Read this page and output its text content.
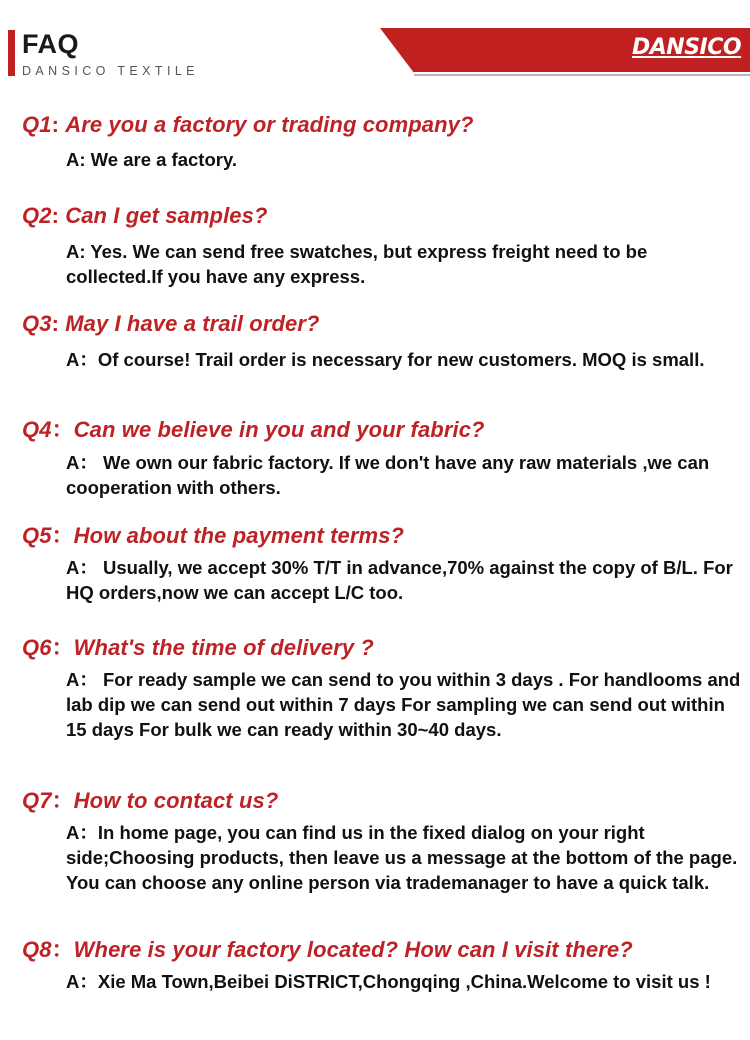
FAQ
DANSICO TEXTILE
DANSICO
Q1: Are you a factory or trading company?
A: We are a factory.
Q2: Can I get samples?
A: Yes. We can send free swatches, but express freight need to be collected.If you have any express.
Q3: May I have a trail order?
A：Of course! Trail order is necessary for new customers. MOQ is small.
Q4：Can we believe in you and your fabric?
A： We own our fabric factory. If we don't have any raw materials ,we can cooperation with others.
Q5：How about the payment terms?
A： Usually, we accept 30% T/T in advance,70% against the copy of B/L. For HQ orders,now we can accept L/C too.
Q6：What's the time of delivery ?
A： For ready sample we can send to you within 3 days . For handlooms and lab dip we can send out within 7 days For sampling we can send out within 15 days For bulk we can ready within 30~40 days.
Q7：How to contact us?
A：In home page, you can find us in the fixed dialog on your right side;Choosing products, then leave us a message at the bottom of the page. You can choose any online person via trademanager to have a quick talk.
Q8：Where is your factory located? How can I visit there?
A：Xie Ma Town,Beibei DiSTRICT,Chongqing ,China.Welcome to visit us !
